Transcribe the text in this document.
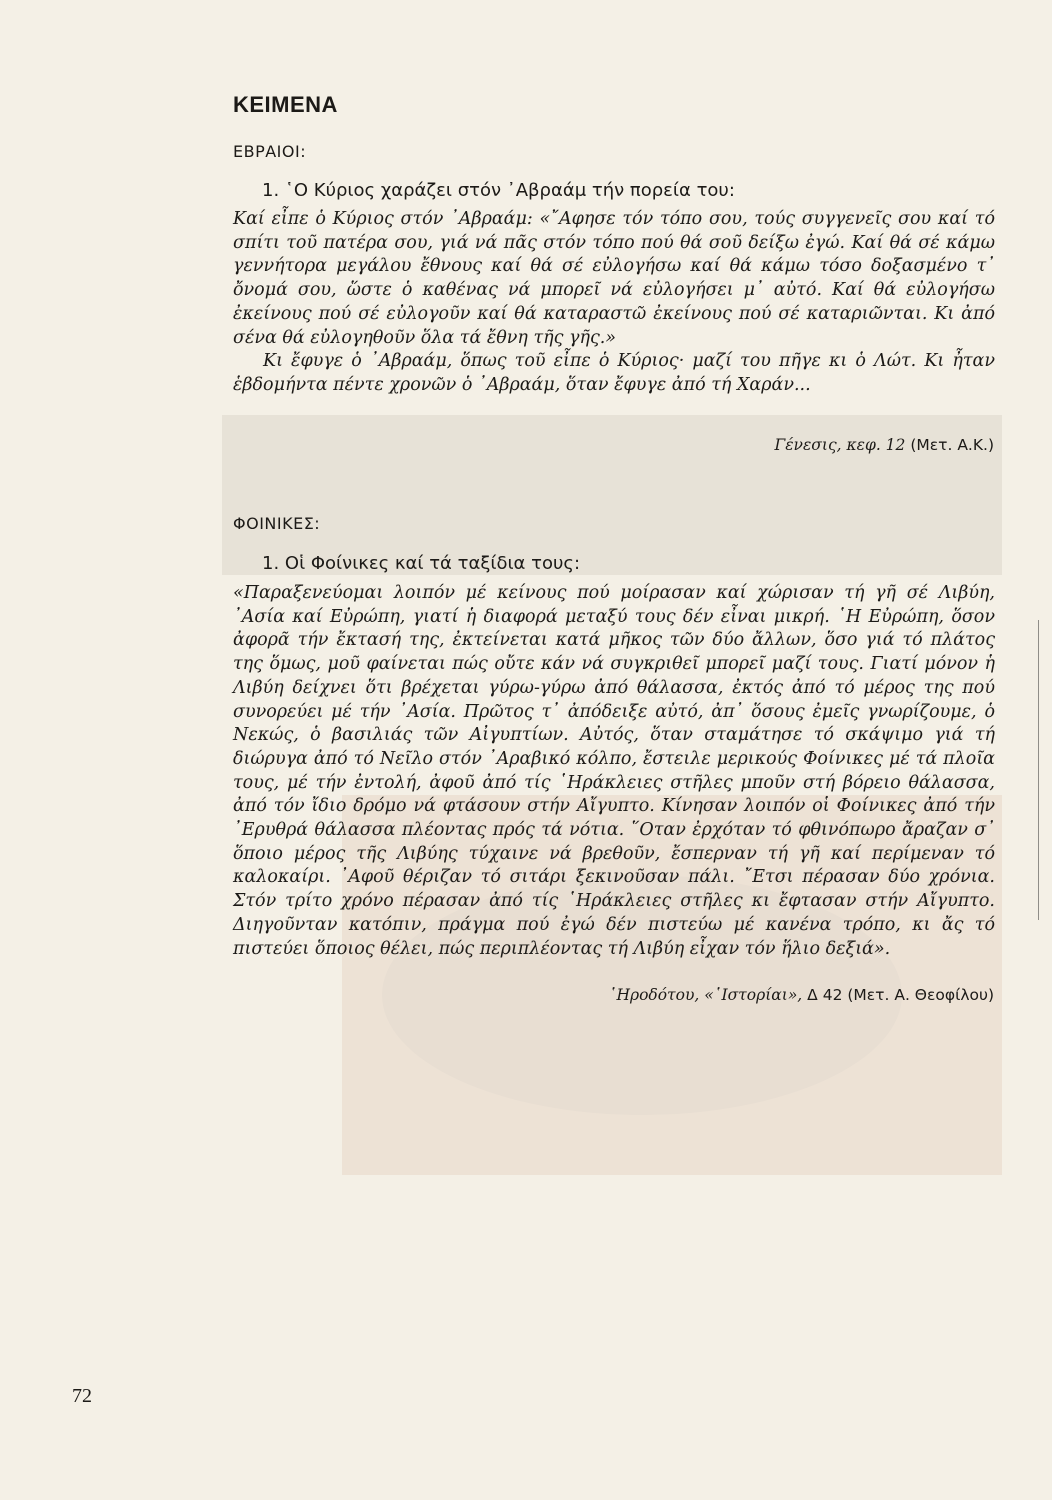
ΚΕΙΜΕΝΑ
ΕΒΡΑΙΟΙ:
1. ῾Ο Κύριος χαράζει στόν ᾿Αβραάμ τήν πορεία του:

Καί εἶπε ὁ Κύριος στόν ᾿Αβραάμ: «῎Αφησε τόν τόπο σου, τούς συγγενεῖς σου καί τό σπίτι τοῦ πατέρα σου, γιά νά πᾶς στόν τόπο πού θά σοῦ δείξω ἐγώ. Καί θά σέ κάμω γεννήτορα μεγάλου ἔθνους καί θά σέ εὐλογήσω καί θά κάμω τόσο δοξασμένο τ᾿ ὄνομά σου, ὥστε ὁ καθένας νά μπορεῖ νά εὐλογήσει μ᾿ αὐτό. Καί θά εὐλογήσω ἐκείνους πού σέ εὐλογοῦν καί θά καταραστῶ ἐκείνους πού σέ καταριῶνται. Κι ἀπό σένα θά εὐλογηθοῦν ὅλα τά ἔθνη τῆς γῆς.»

Κι ἔφυγε ὁ ᾿Αβραάμ, ὅπως τοῦ εἶπε ὁ Κύριος· μαζί του πῆγε κι ὁ Λώτ. Κι ἦταν ἑβδομήντα πέντε χρονῶν ὁ ᾿Αβραάμ, ὅταν ἔφυγε ἀπό τή Χαράν...

Γένεσις, κεφ. 12 (Μετ. Α.Κ.)
ΦΟΙΝΙΚΕΣ:
1. Οἱ Φοίνικες καί τά ταξίδια τους:

«Παραξενεύομαι λοιπόν μέ κείνους πού μοίρασαν καί χώρισαν τή γῆ σέ Λιβύη, ᾿Ασία καί Εὐρώπη, γιατί ἡ διαφορά μεταξύ τους δέν εἶναι μικρή. ῾Η Εὐρώπη, ὅσον ἀφορᾶ τήν ἔκτασή της, ἐκτείνεται κατά μῆκος τῶν δύο ἄλλων, ὅσο γιά τό πλάτος της ὅμως, μοῦ φαίνεται πώς οὔτε κάν νά συγκριθεῖ μπορεῖ μαζί τους. Γιατί μόνον ἡ Λιβύη δείχνει ὅτι βρέχεται γύρω-γύρω ἀπό θάλασσα, ἐκτός ἀπό τό μέρος της πού συνορεύει μέ τήν ᾿Ασία. Πρῶτος τ᾿ ἀπόδειξε αὐτό, ἀπ᾿ ὅσους ἐμεῖς γνωρίζουμε, ὁ Νεκώς, ὁ βασιλιάς τῶν Αἰγυπτίων. Αὐτός, ὅταν σταμάτησε τό σκάψιμο γιά τή διώρυγα ἀπό τό Νεῖλο στόν ᾿Αραβικό κόλπο, ἔστειλε μερικούς Φοίνικες μέ τά πλοῖα τους, μέ τήν ἐντολή, ἀφοῦ ἀπό τίς ῾Ηράκλειες στῆλες μποῦν στή βόρειο θάλασσα, ἀπό τόν ἴδιο δρόμο νά φτάσουν στήν Αἴγυπτο. Κίνησαν λοιπόν οἱ Φοίνικες ἀπό τήν ᾿Ερυθρά θάλασσα πλέοντας πρός τά νότια. ῞Οταν ἐρχόταν τό φθινόπωρο ἄραζαν σ᾿ ὅποιο μέρος τῆς Λιβύης τύχαινε νά βρεθοῦν, ἔσπερναν τή γῆ καί περίμεναν τό καλοκαίρι. ᾿Αφοῦ θέριζαν τό σιτάρι ξεκινοῦσαν πάλι. ῎Ετσι πέρασαν δύο χρόνια. Στόν τρίτο χρόνο πέρασαν ἀπό τίς ῾Ηράκλειες στῆλες κι ἔφτασαν στήν Αἴγυπτο. Διηγοῦνταν κατόπιν, πράγμα πού ἐγώ δέν πιστεύω μέ κανένα τρόπο, κι ἄς τό πιστεύει ὅποιος θέλει, πώς περιπλέοντας τή Λιβύη εἶχαν τόν ἥλιο δεξιά».

῾Ηροδότου, «῾Ιστορίαι», Δ 42 (Μετ. Α. Θεοφίλου)
72
